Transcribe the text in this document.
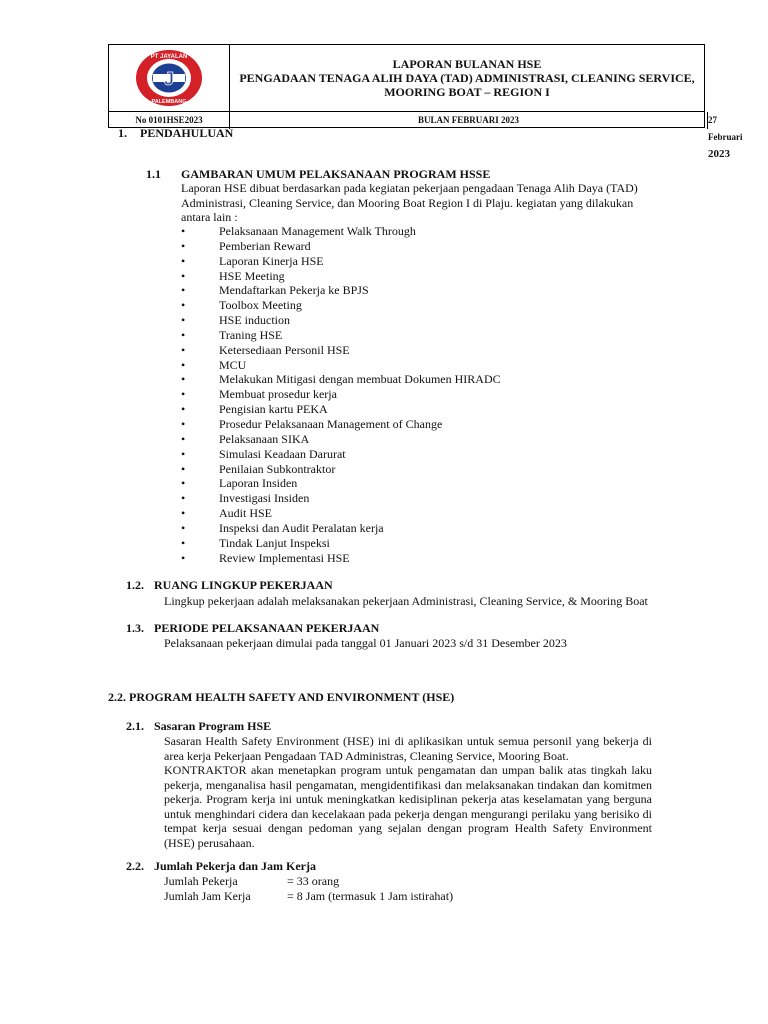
J
PT JAYALAN
PALEMBANG
LAPORAN BULANAN HSE
PENGADAAN TENAGA ALIH DAYA (TAD) ADMINISTRASI, CLEANING SERVICE,
MOORING BOAT – REGION I
No 0101HSE2023	BULAN FEBRUARI 2023	27 Februari 2023
1. PENDAHULUAN
1.1 GAMBARAN UMUM PELAKSANAAN PROGRAM HSSE
Laporan HSE dibuat berdasarkan pada kegiatan pekerjaan pengadaan Tenaga Alih Daya (TAD)
Administrasi, Cleaning Service, dan Mooring Boat Region I di Plaju. kegiatan yang dilakukan
antara lain :
•	Pelaksanaan Management Walk Through
•	Pemberian Reward
•	Laporan Kinerja HSE
•	HSE Meeting
•	Mendaftarkan Pekerja ke BPJS
•	Toolbox Meeting
•	HSE induction
•	Traning HSE
•	Ketersediaan Personil HSE
•	MCU
•	Melakukan Mitigasi dengan membuat Dokumen HIRADC
•	Membuat prosedur kerja
•	Pengisian kartu PEKA
•	Prosedur Pelaksanaan Management of Change
•	Pelaksanaan SIKA
•	Simulasi Keadaan Darurat
•	Penilaian Subkontraktor
•	Laporan Insiden
•	Investigasi Insiden
•	Audit HSE
•	Inspeksi dan Audit Peralatan kerja
•	Tindak Lanjut Inspeksi
•	Review Implementasi HSE
1.2. RUANG LINGKUP PEKERJAAN
Lingkup pekerjaan adalah melaksanakan pekerjaan Administrasi, Cleaning Service, & Mooring Boat
1.3. PERIODE PELAKSANAAN PEKERJAAN
Pelaksanaan pekerjaan dimulai pada tanggal 01 Januari 2023 s/d 31 Desember 2023
2.2. PROGRAM HEALTH SAFETY AND ENVIRONMENT (HSE)
2.1. Sasaran Program HSE
Sasaran Health Safety Environment (HSE) ini di aplikasikan untuk semua personil yang bekerja di area kerja Pekerjaan Pengadaan TAD Administras, Cleaning Service, Mooring Boat.
KONTRAKTOR akan menetapkan program untuk pengamatan dan umpan balik atas tingkah laku pekerja, menganalisa hasil pengamatan, mengidentifikasi dan melaksanakan tindakan dan komitmen pekerja. Program kerja ini untuk meningkatkan kedisiplinan pekerja atas keselamatan yang berguna untuk menghindari cidera dan kecelakaan pada pekerja dengan mengurangi perilaku yang berisiko di tempat kerja sesuai dengan pedoman yang sejalan dengan program Health Safety Environment (HSE) perusahaan.
2.2. Jumlah Pekerja dan Jam Kerja
Jumlah Pekerja	= 33 orang
Jumlah Jam Kerja	= 8 Jam (termasuk 1 Jam istirahat)
